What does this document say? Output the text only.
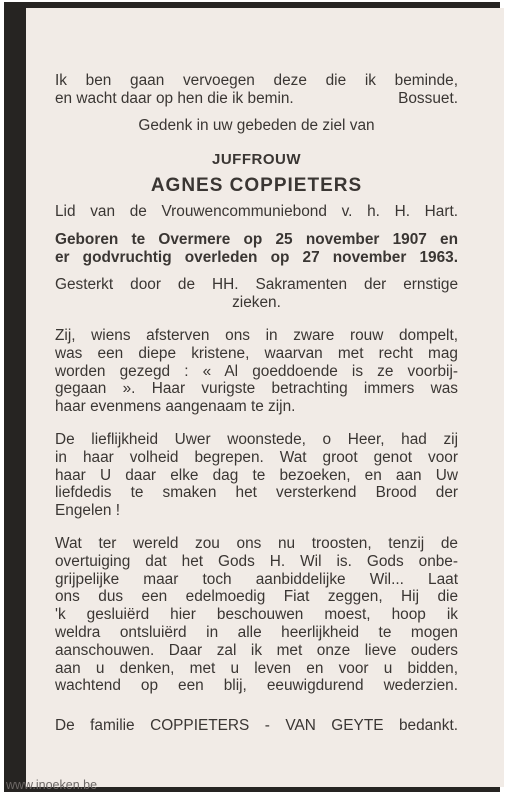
Ik ben gaan vervoegen deze die ik beminde,

en wacht daar op hen die ik bemin.	Bossuet.

Gedenk in uw gebeden de ziel van

JUFFROUW

AGNES COPPIETERS

Lid van de Vrouwencommuniebond v. h. H. Hart.

Geboren te Overmere op 25 november 1907 en

er godvruchtig overleden op 27 november 1963.

Gesterkt door de HH. Sakramenten der ernstige

zieken.

Zij, wiens afsterven ons in zware rouw dompelt,

was een diepe kristene, waarvan met recht mag

worden gezegd : « Al goeddoende is ze voorbij-

gegaan ». Haar vurigste betrachting immers was

haar evenmens aangenaam te zijn.

De lieflijkheid Uwer woonstede, o Heer, had zij

in haar volheid begrepen. Wat groot genot voor

haar U daar elke dag te bezoeken, en aan Uw

liefdedis te smaken het versterkend Brood der

Engelen !

Wat ter wereld zou ons nu troosten, tenzij de

overtuiging dat het Gods H. Wil is. Gods onbe-

grijpelijke maar toch aanbiddelijke Wil... Laat

ons dus een edelmoedig Fiat zeggen, Hij die

'k gesluiërd hier beschouwen moest, hoop ik

weldra ontsluiërd in alle heerlijkheid te mogen

aanschouwen. Daar zal ik met onze lieve ouders

aan u denken, met u leven en voor u bidden,

wachtend op een blij, eeuwigdurend wederzien.

De familie COPPIETERS - VAN GEYTE bedankt.

www.inoeken.be
